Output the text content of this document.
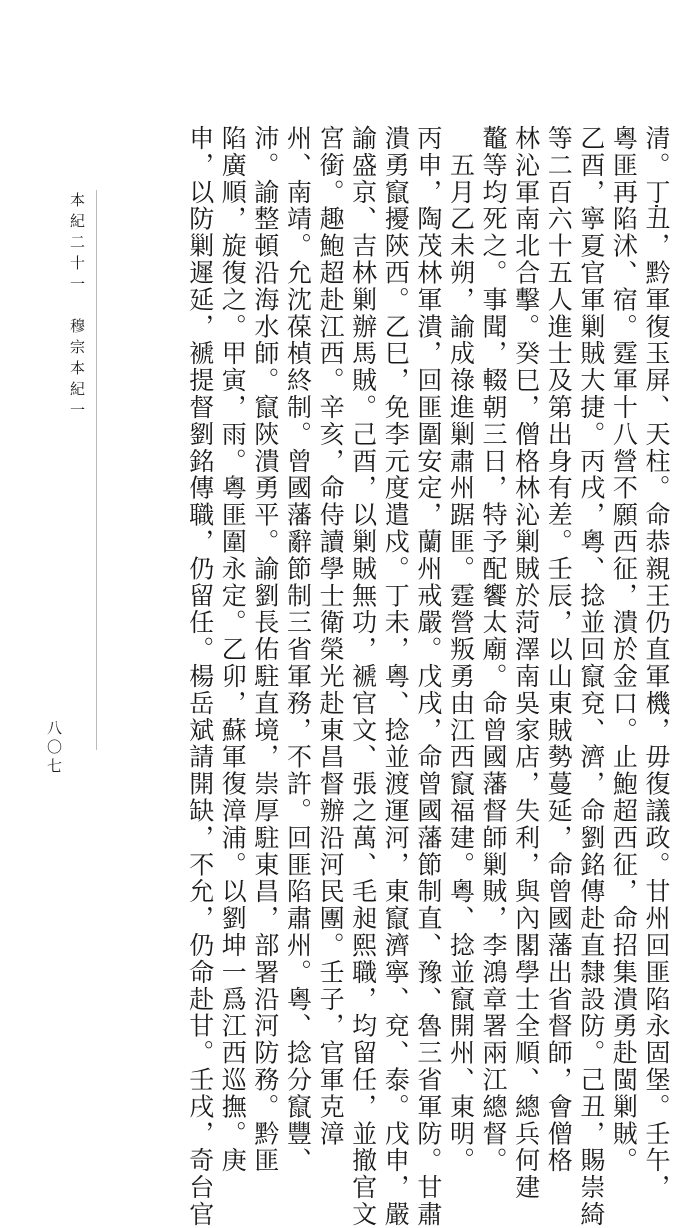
清。丁丑，黔軍復玉屏、天柱。命恭親王仍直軍機，毋復議政。甘州回匪陷永固堡。壬午，
粵匪再陷沭、宿。霆軍十八營不願西征，潰於金口。止鮑超西征，命招集潰勇赴閩剿賊。
乙酉，寧夏官軍剿賊大捷。丙戌，粵、捻並回竄兗、濟，命劉銘傳赴直隸設防。己丑，賜崇綺
等二百六十五人進士及第出身有差。壬辰，以山東賊勢蔓延，命曾國藩出省督師，會僧格
林沁軍南北合擊。癸巳，僧格林沁剿賊於菏澤南吳家店，失利，與內閣學士全順、總兵何建
鼇等均死之。事聞，輟朝三日，特予配饗太廟。命曾國藩督師剿賊，李鴻章署兩江總督。
　五月乙未朔，諭成祿進剿肅州踞匪。霆營叛勇由江西竄福建。粵、捻並竄開州、東明。
丙申，陶茂林軍潰，回匪圍安定，蘭州戒嚴。戊戌，命曾國藩節制直、豫、魯三省軍防。甘肅
潰勇竄擾陝西。乙巳，免李元度遣戍。丁未，粵、捻並渡運河，東竄濟寧、兗、泰。戊申，嚴
諭盛京、吉林剿辦馬賊。己酉，以剿賊無功，褫官文、張之萬、毛昶熙職，均留任，並撤官文
宮銜。趣鮑超赴江西。辛亥，命侍讀學士衛榮光赴東昌督辦沿河民團。壬子，官軍克漳
州、南靖。允沈葆楨終制。曾國藩辭節制三省軍務，不許。回匪陷肅州。粵、捻分竄豐、
沛。諭整頓沿海水師。竄陝潰勇平。諭劉長佑駐直境，崇厚駐東昌，部署沿河防務。黔匪
陷廣順，旋復之。甲寅，雨。粵匪圍永定。乙卯，蘇軍復漳浦。以劉坤一爲江西巡撫。庚
申，以防剿遲延，褫提督劉銘傳職，仍留任。楊岳斌請開缺，不允，仍命赴甘。壬戌，奇台官
本紀二十一　穆宗本紀一
八〇七
